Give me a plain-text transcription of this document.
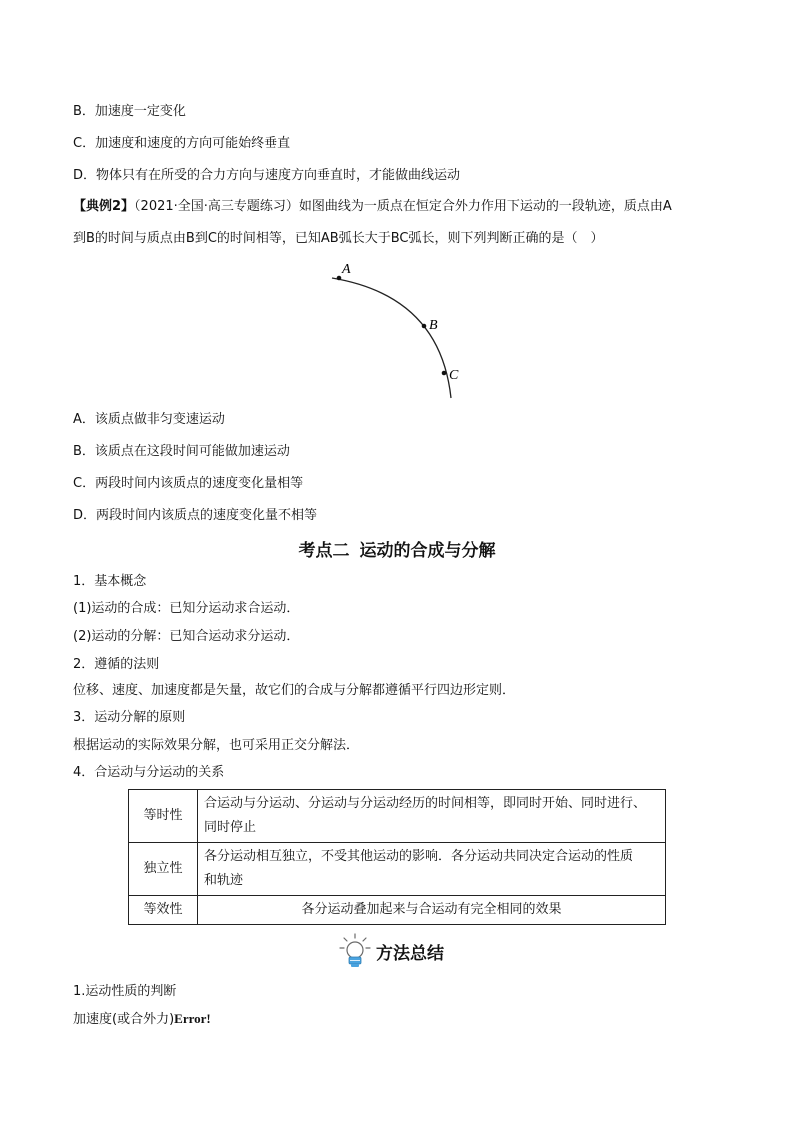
B．加速度一定变化
C．加速度和速度的方向可能始终垂直
D．物体只有在所受的合力方向与速度方向垂直时，才能做曲线运动
【典例2】（2021·全国·高三专题练习）如图曲线为一质点在恒定合外力作用下运动的一段轨迹，质点由A
到B的时间与质点由B到C的时间相等，已知AB弧长大于BC弧长，则下列判断正确的是（　）
A
B
C
A．该质点做非匀变速运动
B．该质点在这段时间可能做加速运动
C．两段时间内该质点的速度变化量相等
D．两段时间内该质点的速度变化量不相等
考点二 运动的合成与分解
1．基本概念
(1)运动的合成：已知分运动求合运动．
(2)运动的分解：已知合运动求分运动．
2．遵循的法则
位移、速度、加速度都是矢量，故它们的合成与分解都遵循平行四边形定则．
3．运动分解的原则
根据运动的实际效果分解，也可采用正交分解法．
4．合运动与分运动的关系
等时性	合运动与分运动、分运动与分运动经历的时间相等，即同时开始、同时进行、
同时停止

独立性	各分运动相互独立，不受其他运动的影响．各分运动共同决定合运动的性质
和轨迹

等效性	各分运动叠加起来与合运动有完全相同的效果
方法总结
1.运动性质的判断
加速度(或合外力)Error!
